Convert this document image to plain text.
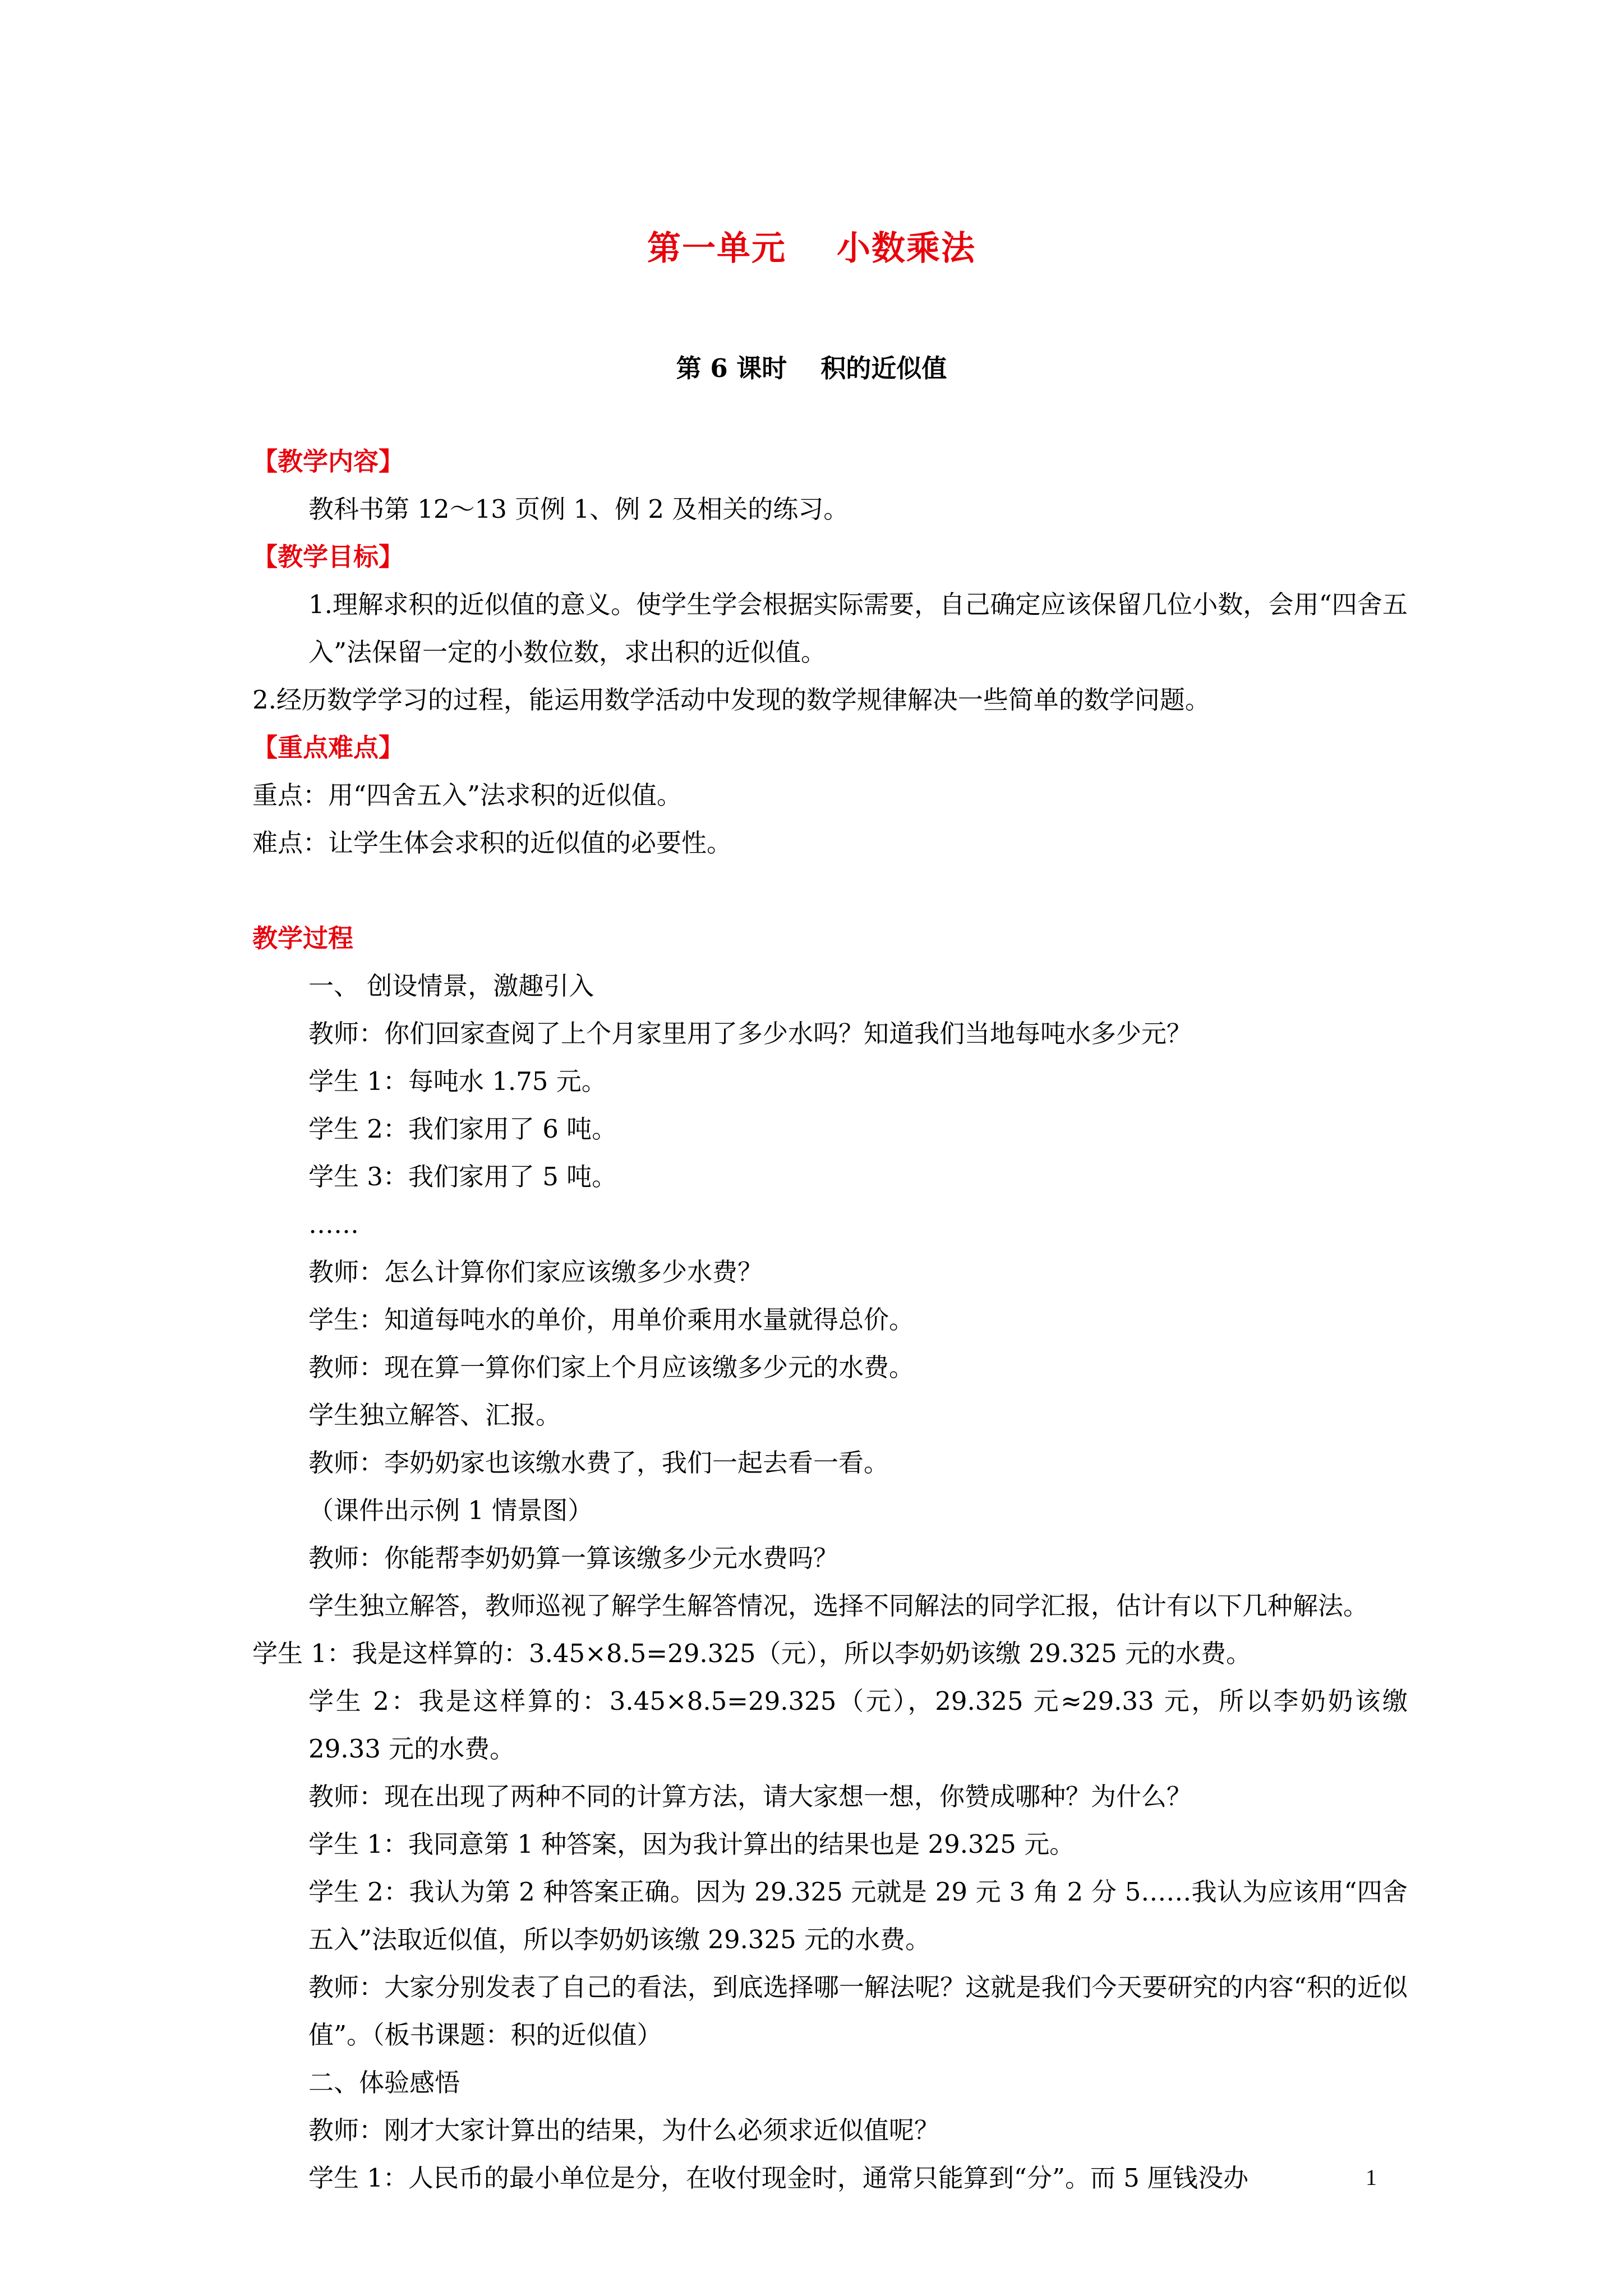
第一单元 小数乘法
第 6 课时 积的近似值
【教学内容】
教科书第 12～13 页例 1、例 2 及相关的练习。
【教学目标】
1.理解求积的近似值的意义。使学生学会根据实际需要，自己确定应该保留几位小数，会用“四舍五入”法保留一定的小数位数，求出积的近似值。
2.经历数学学习的过程，能运用数学活动中发现的数学规律解决一些简单的数学问题。
【重点难点】
重点：用“四舍五入”法求积的近似值。
难点：让学生体会求积的近似值的必要性。
教学过程
一、 创设情景，激趣引入
教师：你们回家查阅了上个月家里用了多少水吗？知道我们当地每吨水多少元？
学生 1：每吨水 1.75 元。
学生 2：我们家用了 6 吨。
学生 3：我们家用了 5 吨。
……
教师：怎么计算你们家应该缴多少水费？
学生：知道每吨水的单价，用单价乘用水量就得总价。
教师：现在算一算你们家上个月应该缴多少元的水费。
学生独立解答、汇报。
教师：李奶奶家也该缴水费了，我们一起去看一看。
（课件出示例 1 情景图）
教师：你能帮李奶奶算一算该缴多少元水费吗？
学生独立解答，教师巡视了解学生解答情况，选择不同解法的同学汇报，估计有以下几种解法。
学生 1：我是这样算的：3.45×8.5=29.325（元），所以李奶奶该缴 29.325 元的水费。
学生 2：我是这样算的：3.45×8.5=29.325（元），29.325 元≈29.33 元，所以李奶奶该缴 29.33 元的水费。
教师：现在出现了两种不同的计算方法，请大家想一想，你赞成哪种？为什么？
学生 1：我同意第 1 种答案，因为我计算出的结果也是 29.325 元。
学生 2：我认为第 2 种答案正确。因为 29.325 元就是 29 元 3 角 2 分 5……我认为应该用“四舍五入”法取近似值，所以李奶奶该缴 29.325 元的水费。
教师：大家分别发表了自己的看法，到底选择哪一解法呢？这就是我们今天要研究的内容“积的近似值”。（板书课题：积的近似值）
二、体验感悟
教师：刚才大家计算出的结果，为什么必须求近似值呢？
学生 1：人民币的最小单位是分，在收付现金时，通常只能算到“分”。而 5 厘钱没办	1
